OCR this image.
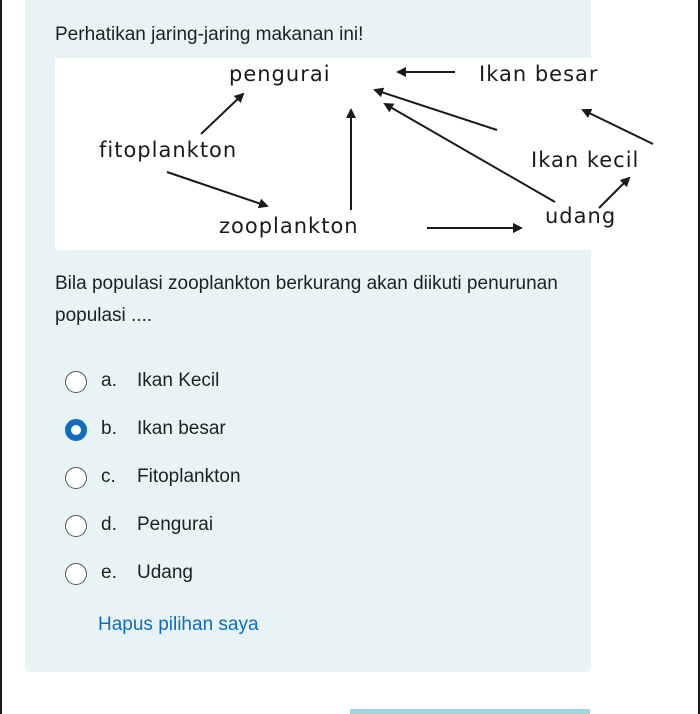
Perhatikan jaring-jaring makanan ini!
pengurai	Ikan besar
fitoplankton	Ikan kecil
zooplankton	udang
Bila populasi zooplankton berkurang akan diikuti penurunan populasi ....
a. Ikan Kecil
b. Ikan besar
c. Fitoplankton
d. Pengurai
e. Udang
Hapus pilihan saya
